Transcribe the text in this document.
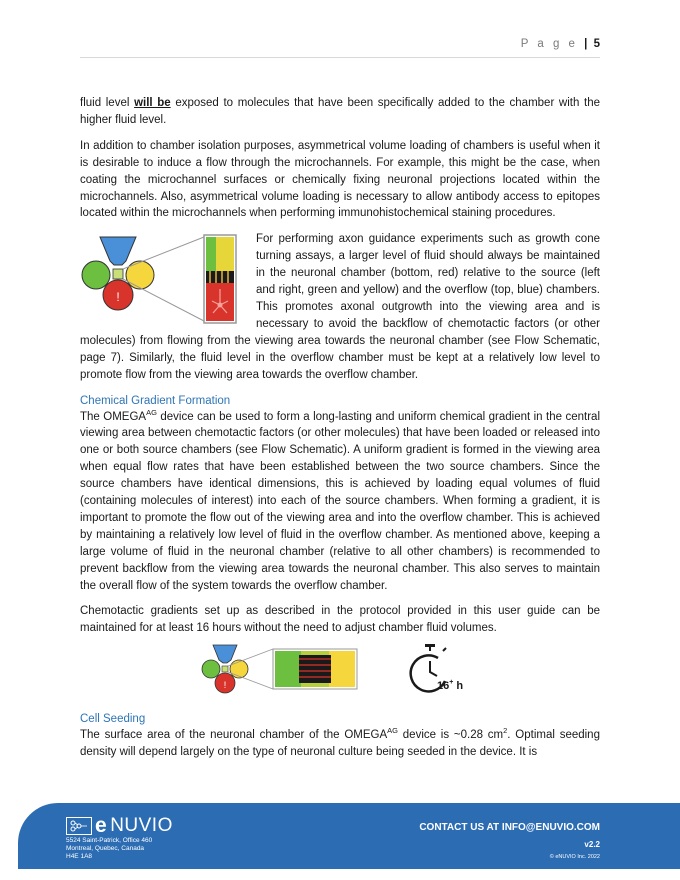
P a g e | 5

fluid level will be exposed to molecules that have been specifically added to the chamber with the higher fluid level.

In addition to chamber isolation purposes, asymmetrical volume loading of chambers is useful when it is desirable to induce a flow through the microchannels. For example, this might be the case, when coating the microchannel surfaces or chemically fixing neuronal projections located within the microchannels. Also, asymmetrical volume loading is necessary to allow antibody access to epitopes located within the microchannels when performing immunohistochemical staining procedures.

!
For performing axon guidance experiments such as growth cone turning assays, a larger level of fluid should always be maintained in the neuronal chamber (bottom, red) relative to the source (left and right, green and yellow) and the overflow (top, blue) chambers. This promotes axonal outgrowth into the viewing area and is necessary to avoid the backflow of chemotactic factors (or other molecules) from flowing from the viewing area towards the neuronal chamber (see Flow Schematic, page 7). Similarly, the fluid level in the overflow chamber must be kept at a relatively low level to promote flow from the viewing area towards the overflow chamber.

Chemical Gradient Formation

The $OMEGA^{AG}$ device can be used to form a long-lasting and uniform chemical gradient in the central viewing area between chemotactic factors (or other molecules) that have been loaded or released into one or both source chambers (see Flow Schematic). A uniform gradient is formed in the viewing area when equal flow rates that have been established between the two source chambers. Since the source chambers have identical dimensions, this is achieved by loading equal volumes of fluid (containing molecules of interest) into each of the source chambers. When forming a gradient, it is important to promote the flow out of the viewing area and into the overflow chamber. This is achieved by maintaining a relatively low level of fluid in the overflow chamber. As mentioned above, keeping a large volume of fluid in the neuronal chamber (relative to all other chambers) is recommended to prevent backflow from the viewing area towards the neuronal chamber. This also serves to maintain the overall flow of the system towards the overflow chamber.

Chemotactic gradients set up as described in the protocol provided in this user guide can be maintained for at least 16 hours without the need to adjust chamber fluid volumes.

!	16+ h
Cell Seeding

The surface area of the neuronal chamber of the $OMEGA^{AG}$ device is ~0.28 $cm^2$. Optimal seeding density will depend largely on the type of neuronal culture being seeded in the device. It is

e NUVIO
5524 Saint-Patrick, Office 460
Montreal, Quebec, Canada
H4E 1A8
CONTACT US AT INFO@ENUVIO.COM
v2.2
© eNUVIO Inc. 2022
